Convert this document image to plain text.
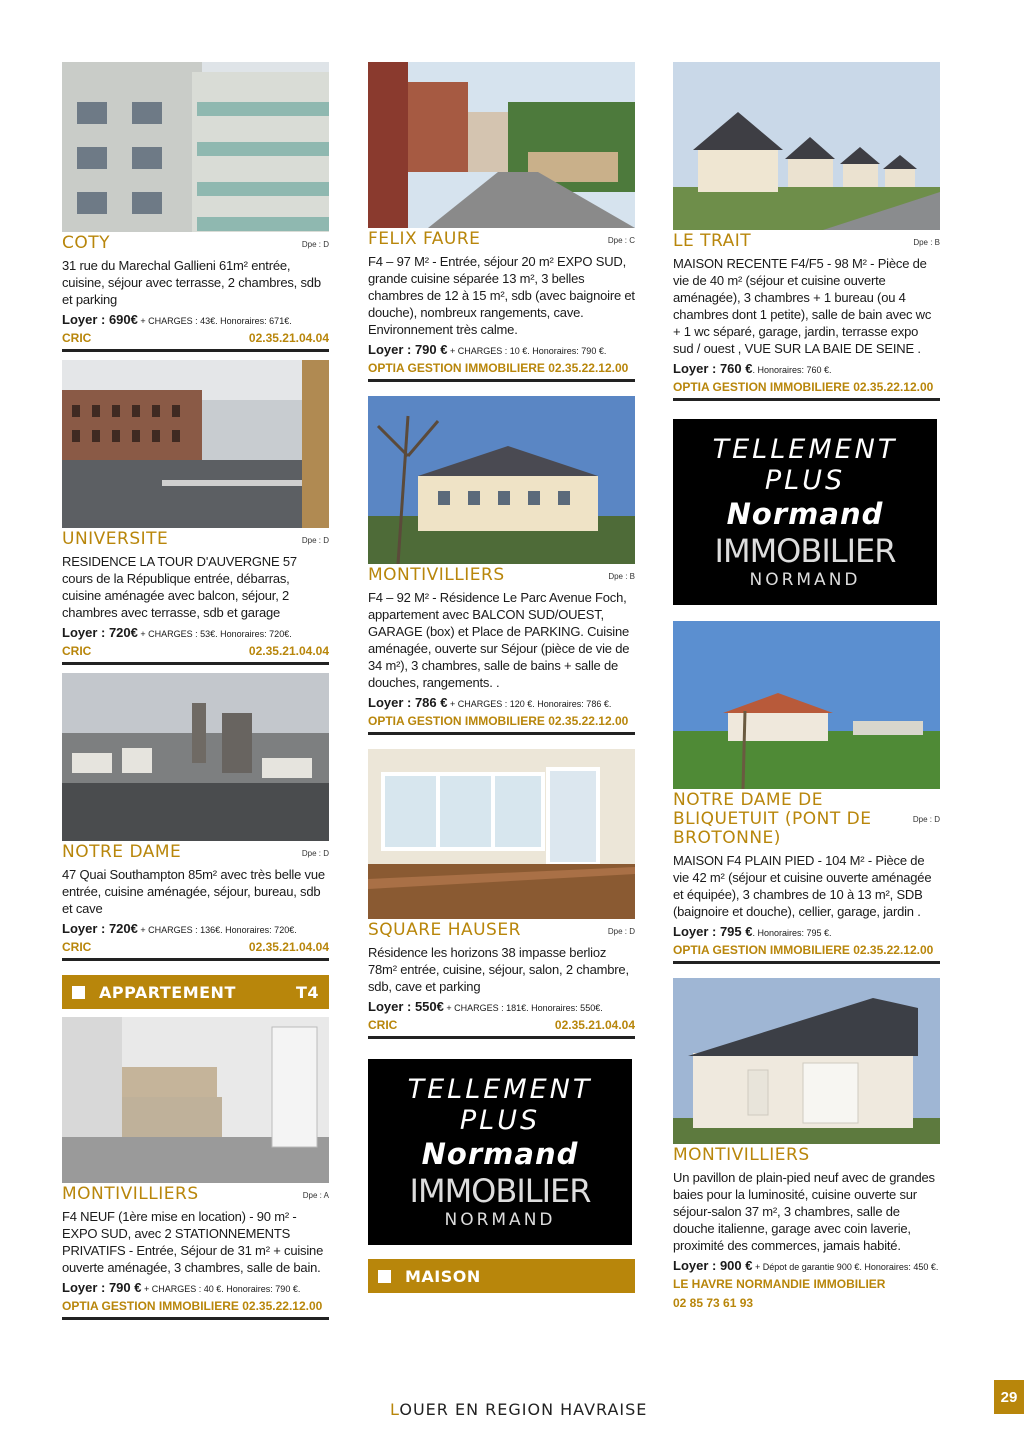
COTY	Dpe : D
31 rue du Marechal Gallieni 61m² entrée, cuisine, séjour avec terrasse, 2 chambres, sdb et parking
Loyer : 690€ + CHARGES : 43€. Honoraires: 671€.
CRIC	02.35.21.04.04
UNIVERSITE	Dpe : D
RESIDENCE LA TOUR D'AUVERGNE 57 cours de la République entrée, débarras, cuisine aménagée avec balcon, séjour, 2 chambres avec terrasse, sdb et garage
Loyer : 720€ + CHARGES : 53€. Honoraires: 720€.
CRIC	02.35.21.04.04
NOTRE DAME	Dpe : D
47 Quai Southampton 85m² avec très belle vue entrée, cuisine aménagée, séjour, bureau, sdb et cave
Loyer : 720€ + CHARGES : 136€. Honoraires: 720€.
CRIC	02.35.21.04.04
APPARTEMENT	T4
MONTIVILLIERS	Dpe : A
F4 NEUF (1ère mise en location) - 90 m² - EXPO SUD, avec 2 STATIONNEMENTS PRIVATIFS - Entrée, Séjour de 31 m² + cuisine ouverte aménagée, 3 chambres, salle de bain.
Loyer : 790 € + CHARGES : 40 €. Honoraires: 790 €.
OPTIA GESTION IMMOBILIERE 02.35.22.12.00
FELIX FAURE	Dpe : C
F4 – 97 M² - Entrée, séjour 20 m² EXPO SUD, grande cuisine séparée 13 m², 3 belles chambres de 12 à 15 m², sdb (avec baignoire et douche), nombreux rangements, cave. Environnement très calme.
Loyer : 790 € + CHARGES : 10 €. Honoraires: 790 €.
OPTIA GESTION IMMOBILIERE 02.35.22.12.00
MONTIVILLIERS	Dpe : B
F4 – 92 M² - Résidence Le Parc Avenue Foch, appartement avec BALCON SUD/OUEST, GARAGE (box) et Place de PARKING. Cuisine aménagée, ouverte sur Séjour (pièce de vie de 34 m²), 3 chambres, salle de bains + salle de douches, rangements. .
Loyer : 786 € + CHARGES : 120 €. Honoraires: 786 €.
OPTIA GESTION IMMOBILIERE 02.35.22.12.00
SQUARE HAUSER	Dpe : D
Résidence les horizons 38 impasse berlioz 78m² entrée, cuisine, séjour, salon, 2 chambre, sdb, cave et parking
Loyer : 550€ + CHARGES : 181€. Honoraires: 550€.
CRIC	02.35.21.04.04
TELLEMENT
PLUS
Normand
IMMOBILIER
NORMAND
MAISON
LE TRAIT	Dpe : B
MAISON RECENTE F4/F5 - 98 M² - Pièce de vie de 40 m² (séjour et cuisine ouverte aménagée), 3 chambres + 1 bureau (ou 4 chambres dont 1 petite), salle de bain avec wc + 1 wc séparé, garage, jardin, terrasse expo sud / ouest , VUE SUR LA BAIE DE SEINE .
Loyer : 760 €. Honoraires: 760 €.
OPTIA GESTION IMMOBILIERE 02.35.22.12.00
TELLEMENT
PLUS
Normand
IMMOBILIER
NORMAND
NOTRE DAME DE BLIQUETUIT (PONT DE BROTONNE)
Dpe : D
MAISON F4 PLAIN PIED - 104 M² - Pièce de vie 42 m² (séjour et cuisine ouverte aménagée et équipée), 3 chambres de 10 à 13 m², SDB (baignoire et douche), cellier, garage, jardin .
Loyer : 795 €. Honoraires: 795 €.
OPTIA GESTION IMMOBILIERE 02.35.22.12.00
MONTIVILLIERS
Un pavillon de plain-pied neuf avec de grandes baies pour la luminosité, cuisine ouverte sur séjour-salon 37 m², 3 chambres, salle de douche italienne, garage avec coin laverie, proximité des commerces, jamais habité.
Loyer : 900 € + Dépot de garantie 900 €. Honoraires: 450 €.
LE HAVRE NORMANDIE IMMOBILIER
02 85 73 61 93
LOUER EN REGION HAVRAISE
29
